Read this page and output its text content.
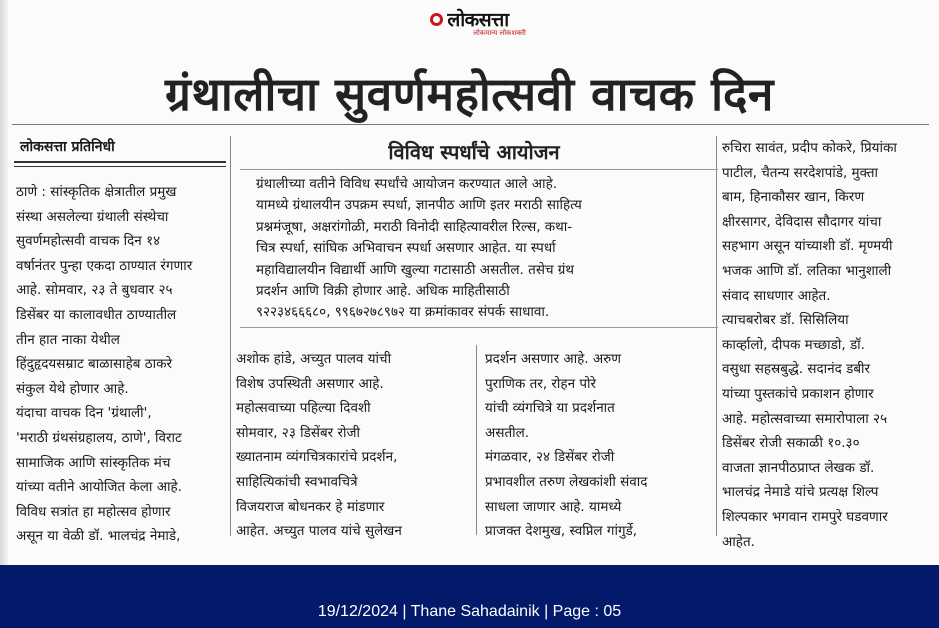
लोकसत्ता
लोकमान्य लोकशक्ती
ग्रंथालीचा सुवर्णमहोत्सवी वाचक दिन
लोकसत्ता प्रतिनिधी
ठाणे : सांस्कृतिक क्षेत्रातील प्रमुख
संस्था असलेल्या ग्रंथाली संस्थेचा
सुवर्णमहोत्सवी वाचक दिन १४
वर्षानंतर पुन्हा एकदा ठाण्यात रंगणार
आहे. सोमवार, २३ ते बुधवार २५
डिसेंबर या कालावधीत ठाण्यातील
तीन हात नाका येथील
हिंदुहृदयसम्राट बाळासाहेब ठाकरे
संकुल येथे होणार आहे.
यंदाचा वाचक दिन 'ग्रंथाली',
'मराठी ग्रंथसंग्रहालय, ठाणे', विराट
सामाजिक आणि सांस्कृतिक मंच
यांच्या वतीने आयोजित केला आहे.
विविध सत्रांत हा महोत्सव होणार
असून या वेळी डॉ. भालचंद्र नेमाडे,
विविध स्पर्धांचे आयोजन
ग्रंथालीच्या वतीने विविध स्पर्धांचे आयोजन करण्यात आले आहे.
यामध्ये ग्रंथालयीन उपक्रम स्पर्धा, ज्ञानपीठ आणि इतर मराठी साहित्य
प्रश्नमंजूषा, अक्षरांगोळी, मराठी विनोदी साहित्यावरील रिल्स, कथा-
चित्र स्पर्धा, सांघिक अभिवाचन स्पर्धा असणार आहेत. या स्पर्धा
महाविद्यालयीन विद्यार्थी आणि खुल्या गटासाठी असतील. तसेच ग्रंथ
प्रदर्शन आणि विक्री होणार आहे. अधिक माहितीसाठी
९२२३४६६६८०, ९९६७२७८९७२ या क्रमांकावर संपर्क साधावा.
अशोक हांडे, अच्युत पालव यांची
विशेष उपस्थिती असणार आहे.
महोत्सवाच्या पहिल्या दिवशी
सोमवार, २३ डिसेंबर रोजी
ख्यातनाम व्यंगचित्रकारांचे प्रदर्शन,
साहित्यिकांची स्वभावचित्रे
विजयराज बोधनकर हे मांडणार
आहेत. अच्युत पालव यांचे सुलेखन
प्रदर्शन असणार आहे. अरुण
पुराणिक तर, रोहन पोरे
यांची व्यंगचित्रे या प्रदर्शनात
असतील.
मंगळवार, २४ डिसेंबर रोजी
प्रभावशील तरुण लेखकांशी संवाद
साधला जाणार आहे. यामध्ये
प्राजक्त देशमुख, स्वप्निल गांगुर्डे,
रुचिरा सावंत, प्रदीप कोकरे, प्रियांका
पाटील, चैतन्य सरदेशपांडे, मुक्ता
बाम, हिनाकौसर खान, किरण
क्षीरसागर, देविदास सौदागर यांचा
सहभाग असून यांच्याशी डॉ. मृण्मयी
भजक आणि डॉ. लतिका भानुशाली
संवाद साधणार आहेत.
त्याचबरोबर डॉ. सिसिलिया
कार्व्हालो, दीपक मच्छाडो, डॉ.
वसुधा सहस्रबुद्धे. सदानंद डबीर
यांच्या पुस्तकांचे प्रकाशन होणार
आहे. महोत्सवाच्या समारोपाला २५
डिसेंबर रोजी सकाळी १०.३०
वाजता ज्ञानपीठप्राप्त लेखक डॉ.
भालचंद्र नेमाडे यांचे प्रत्यक्ष शिल्प
शिल्पकार भगवान रामपुरे घडवणार
आहेत.
19/12/2024 | Thane Sahadainik | Page : 05
